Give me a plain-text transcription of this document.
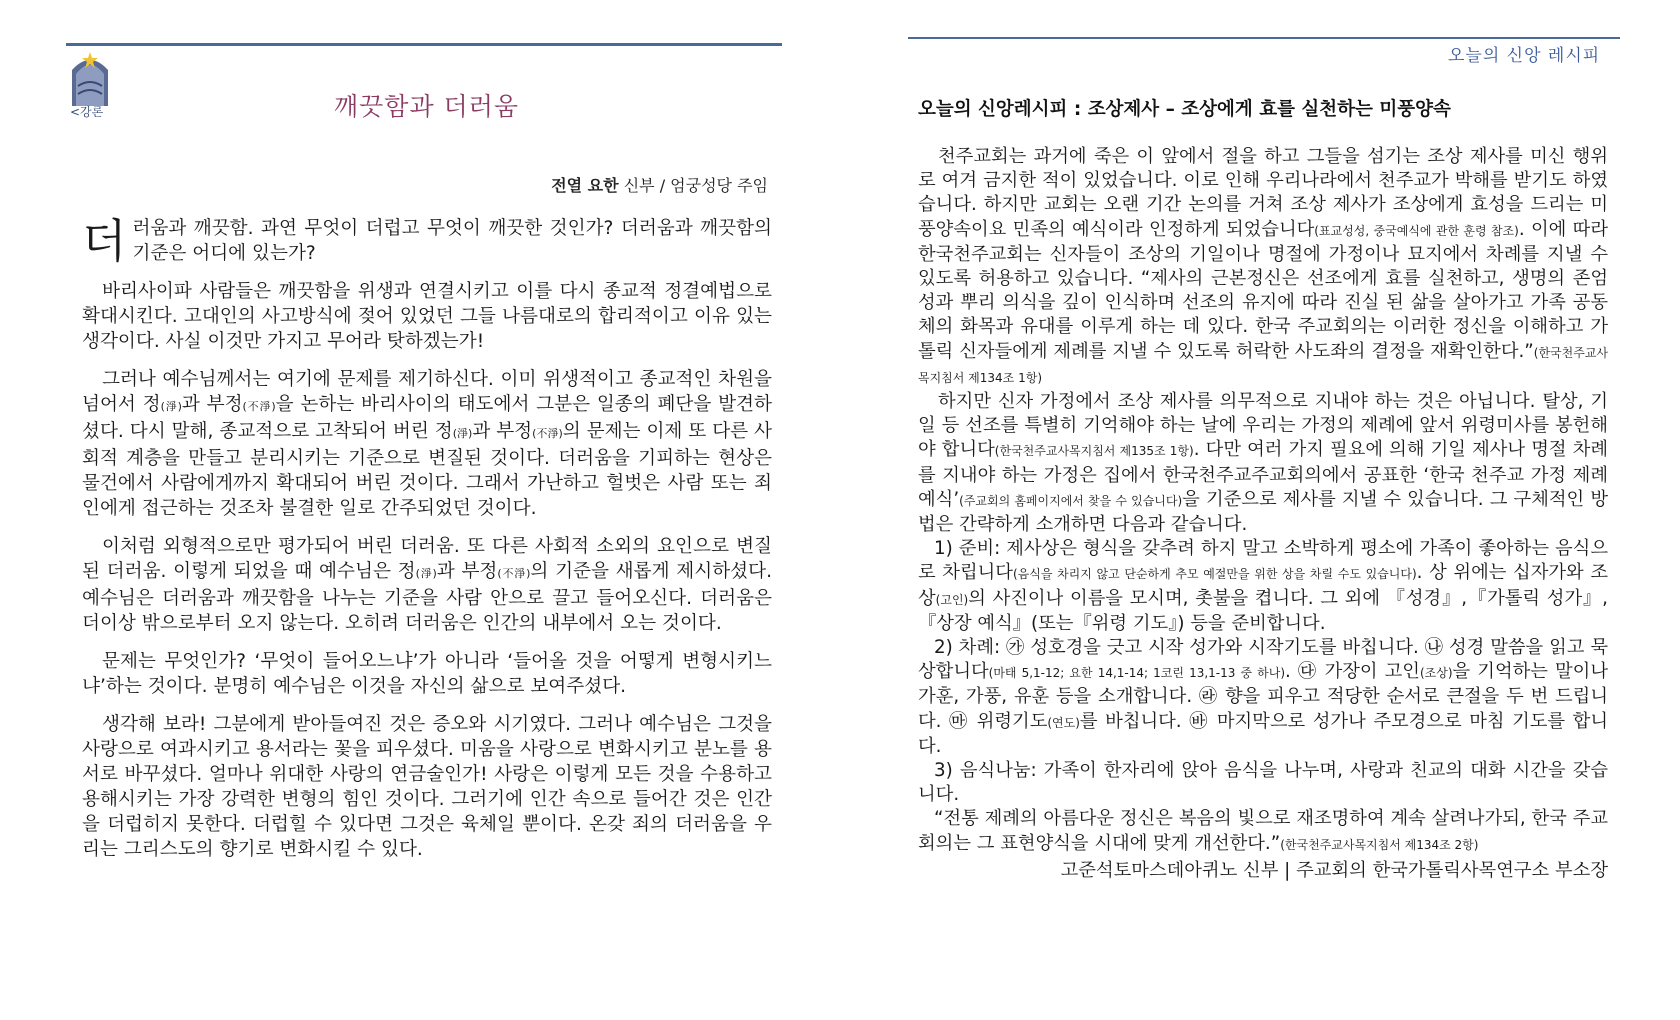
<강론	깨끗함과 더러움
전열 요한 신부 / 엄궁성당 주임

더러움과 깨끗함. 과연 무엇이 더럽고 무엇이 깨끗한 것인가? 더러움과 깨끗함의 기준은 어디에 있는가?

바리사이파 사람들은 깨끗함을 위생과 연결시키고 이를 다시 종교적 정결예법으로 확대시킨다. 고대인의 사고방식에 젖어 있었던 그들 나름대로의 합리적이고 이유 있는 생각이다. 사실 이것만 가지고 무어라 탓하겠는가!

그러나 예수님께서는 여기에 문제를 제기하신다. 이미 위생적이고 종교적인 차원을 넘어서 정(淨)과 부정(不淨)을 논하는 바리사이의 태도에서 그분은 일종의 폐단을 발견하셨다. 다시 말해, 종교적으로 고착되어 버린 정(淨)과 부정(不淨)의 문제는 이제 또 다른 사회적 계층을 만들고 분리시키는 기준으로 변질된 것이다. 더러움을 기피하는 현상은 물건에서 사람에게까지 확대되어 버린 것이다. 그래서 가난하고 헐벗은 사람 또는 죄인에게 접근하는 것조차 불결한 일로 간주되었던 것이다.

이처럼 외형적으로만 평가되어 버린 더러움. 또 다른 사회적 소외의 요인으로 변질된 더러움. 이렇게 되었을 때 예수님은 정(淨)과 부정(不淨)의 기준을 새롭게 제시하셨다. 예수님은 더러움과 깨끗함을 나누는 기준을 사람 안으로 끌고 들어오신다. 더러움은 더이상 밖으로부터 오지 않는다. 오히려 더러움은 인간의 내부에서 오는 것이다.

문제는 무엇인가? ‘무엇이 들어오느냐’가 아니라 ‘들어올 것을 어떻게 변형시키느냐’하는 것이다. 분명히 예수님은 이것을 자신의 삶으로 보여주셨다.

생각해 보라! 그분에게 받아들여진 것은 증오와 시기였다. 그러나 예수님은 그것을 사랑으로 여과시키고 용서라는 꽃을 피우셨다. 미움을 사랑으로 변화시키고 분노를 용서로 바꾸셨다. 얼마나 위대한 사랑의 연금술인가! 사랑은 이렇게 모든 것을 수용하고 용해시키는 가장 강력한 변형의 힘인 것이다. 그러기에 인간 속으로 들어간 것은 인간을 더럽히지 못한다. 더럽힐 수 있다면 그것은 육체일 뿐이다. 온갖 죄의 더러움을 우리는 그리스도의 향기로 변화시킬 수 있다.

오늘의 신앙 레시피
오늘의 신앙레시피 : 조상제사 – 조상에게 효를 실천하는 미풍양속

천주교회는 과거에 죽은 이 앞에서 절을 하고 그들을 섬기는 조상 제사를 미신 행위로 여겨 금지한 적이 있었습니다. 이로 인해 우리나라에서 천주교가 박해를 받기도 하였습니다. 하지만 교회는 오랜 기간 논의를 거쳐 조상 제사가 조상에게 효성을 드리는 미풍양속이요 민족의 예식이라 인정하게 되었습니다(표교성성, 중국예식에 관한 훈령 참조). 이에 따라 한국천주교회는 신자들이 조상의 기일이나 명절에 가정이나 묘지에서 차례를 지낼 수 있도록 허용하고 있습니다. “제사의 근본정신은 선조에게 효를 실천하고, 생명의 존엄성과 뿌리 의식을 깊이 인식하며 선조의 유지에 따라 진실 된 삶을 살아가고 가족 공동체의 화목과 유대를 이루게 하는 데 있다. 한국 주교회의는 이러한 정신을 이해하고 가톨릭 신자들에게 제례를 지낼 수 있도록 허락한 사도좌의 결정을 재확인한다.”(한국천주교사목지침서 제134조 1항)

하지만 신자 가정에서 조상 제사를 의무적으로 지내야 하는 것은 아닙니다. 탈상, 기일 등 선조를 특별히 기억해야 하는 날에 우리는 가정의 제례에 앞서 위령미사를 봉헌해야 합니다(한국천주교사목지침서 제135조 1항). 다만 여러 가지 필요에 의해 기일 제사나 명절 차례를 지내야 하는 가정은 집에서 한국천주교주교회의에서 공표한 ‘한국 천주교 가정 제례 예식’(주교회의 홈페이지에서 찾을 수 있습니다)을 기준으로 제사를 지낼 수 있습니다. 그 구체적인 방법은 간략하게 소개하면 다음과 같습니다.

1) 준비: 제사상은 형식을 갖추려 하지 말고 소박하게 평소에 가족이 좋아하는 음식으로 차립니다(음식을 차리지 않고 단순하게 추모 예절만을 위한 상을 차릴 수도 있습니다). 상 위에는 십자가와 조상(고인)의 사진이나 이름을 모시며, 촛불을 켭니다. 그 외에 『성경』,『가톨릭 성가』,『상장 예식』(또는『위령 기도』) 등을 준비합니다.

2) 차례: ㉮ 성호경을 긋고 시작 성가와 시작기도를 바칩니다. ㉯ 성경 말씀을 읽고 묵상합니다(마태 5,1-12; 요한 14,1-14; 1코린 13,1-13 중 하나). ㉰ 가장이 고인(조상)을 기억하는 말이나 가훈, 가풍, 유훈 등을 소개합니다. ㉱ 향을 피우고 적당한 순서로 큰절을 두 번 드립니다. ㉲ 위령기도(연도)를 바칩니다. ㉳ 마지막으로 성가나 주모경으로 마침 기도를 합니다.

3) 음식나눔: 가족이 한자리에 앉아 음식을 나누며, 사랑과 친교의 대화 시간을 갖습니다.

“전통 제례의 아름다운 정신은 복음의 빛으로 재조명하여 계속 살려나가되, 한국 주교회의는 그 표현양식을 시대에 맞게 개선한다.”(한국천주교사목지침서 제134조 2항)

고준석토마스데아퀴노 신부 | 주교회의 한국가톨릭사목연구소 부소장
